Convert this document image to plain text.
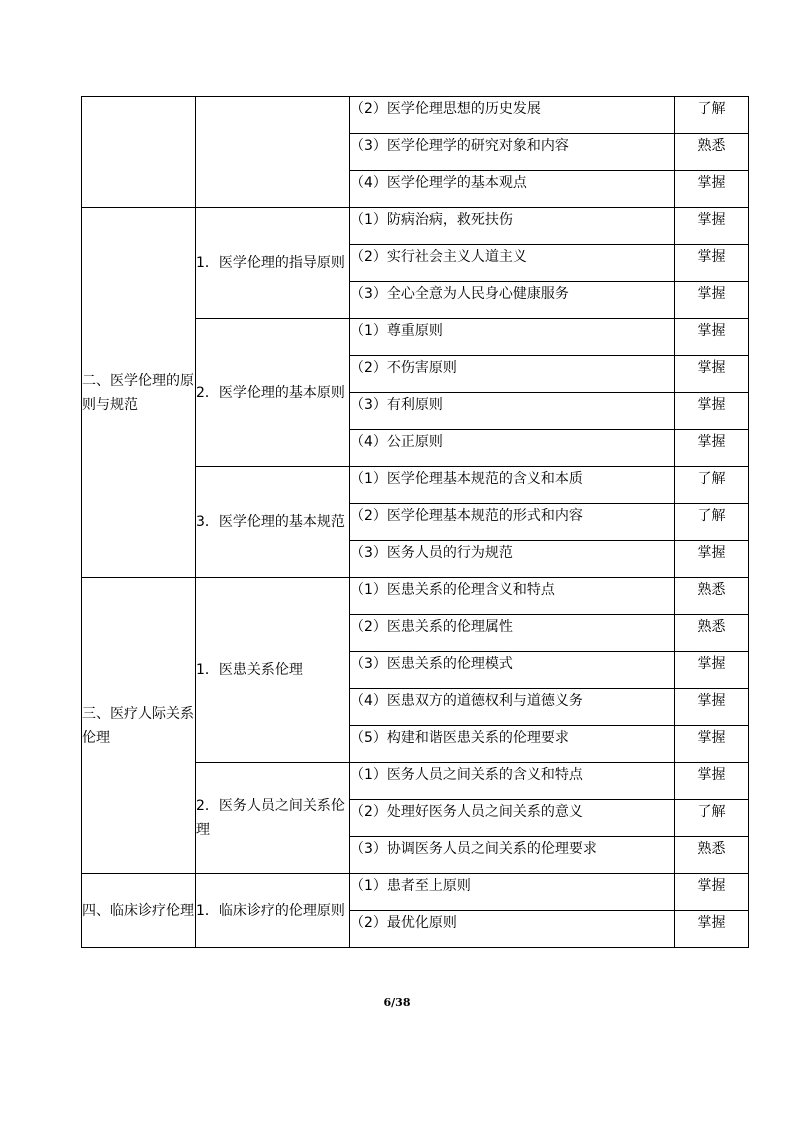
		（2）医学伦理思想的历史发展	了解
		（3）医学伦理学的研究对象和内容	熟悉
		（4）医学伦理学的基本观点	掌握
二、医学伦理的原则与规范	1．医学伦理的指导原则	（1）防病治病，救死扶伤	掌握
		（2）实行社会主义人道主义	掌握
		（3）全心全意为人民身心健康服务	掌握
	2．医学伦理的基本原则	（1）尊重原则	掌握
		（2）不伤害原则	掌握
		（3）有利原则	掌握
		（4）公正原则	掌握
	3．医学伦理的基本规范	（1）医学伦理基本规范的含义和本质	了解
		（2）医学伦理基本规范的形式和内容	了解
		（3）医务人员的行为规范	掌握
三、医疗人际关系伦理	1．医患关系伦理	（1）医患关系的伦理含义和特点	熟悉
		（2）医患关系的伦理属性	熟悉
		（3）医患关系的伦理模式	掌握
		（4）医患双方的道德权利与道德义务	掌握
		（5）构建和谐医患关系的伦理要求	掌握
	2．医务人员之间关系伦理	（1）医务人员之间关系的含义和特点	掌握
		（2）处理好医务人员之间关系的意义	了解
		（3）协调医务人员之间关系的伦理要求	熟悉
四、临床诊疗伦理	1．临床诊疗的伦理原则	（1）患者至上原则	掌握
		（2）最优化原则	掌握
6/38
